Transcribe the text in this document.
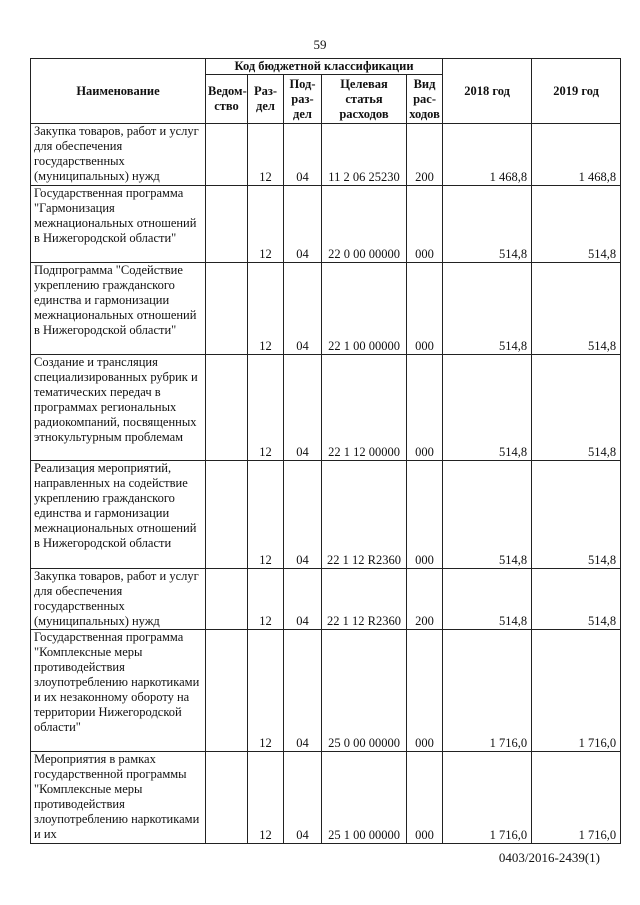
59
Наименование	Код бюджетной классификации					2018 год	2019 год
	Ведом-ство	Раз-дел	Под-раз-дел	Целевая статья расходов	Вид рас-ходов		
Закупка товаров, работ и услуг для обеспечения государственных (муниципальных) нужд		12	04	11 2 06 25230	200	1 468,8	1 468,8
Государственная программа "Гармонизация межнациональных отношений в Нижегородской области"		12	04	22 0 00 00000	000	514,8	514,8
Подпрограмма "Содействие укреплению гражданского единства и гармонизации межнациональных отношений в Нижегородской области"		12	04	22 1 00 00000	000	514,8	514,8
Создание и трансляция специализированных рубрик и тематических передач в программах региональных радиокомпаний, посвященных этнокультурным проблемам		12	04	22 1 12 00000	000	514,8	514,8
Реализация мероприятий, направленных на содействие укреплению гражданского единства и гармонизации межнациональных отношений в Нижегородской области		12	04	22 1 12 R2360	000	514,8	514,8
Закупка товаров, работ и услуг для обеспечения государственных (муниципальных) нужд		12	04	22 1 12 R2360	200	514,8	514,8
Государственная программа "Комплексные меры противодействия злоупотреблению наркотиками и их незаконному обороту на территории Нижегородской области"		12	04	25 0 00 00000	000	1 716,0	1 716,0
Мероприятия в рамках государственной программы "Комплексные меры противодействия злоупотреблению наркотиками и их		12	04	25 1 00 00000	000	1 716,0	1 716,0
0403/2016-2439(1)
